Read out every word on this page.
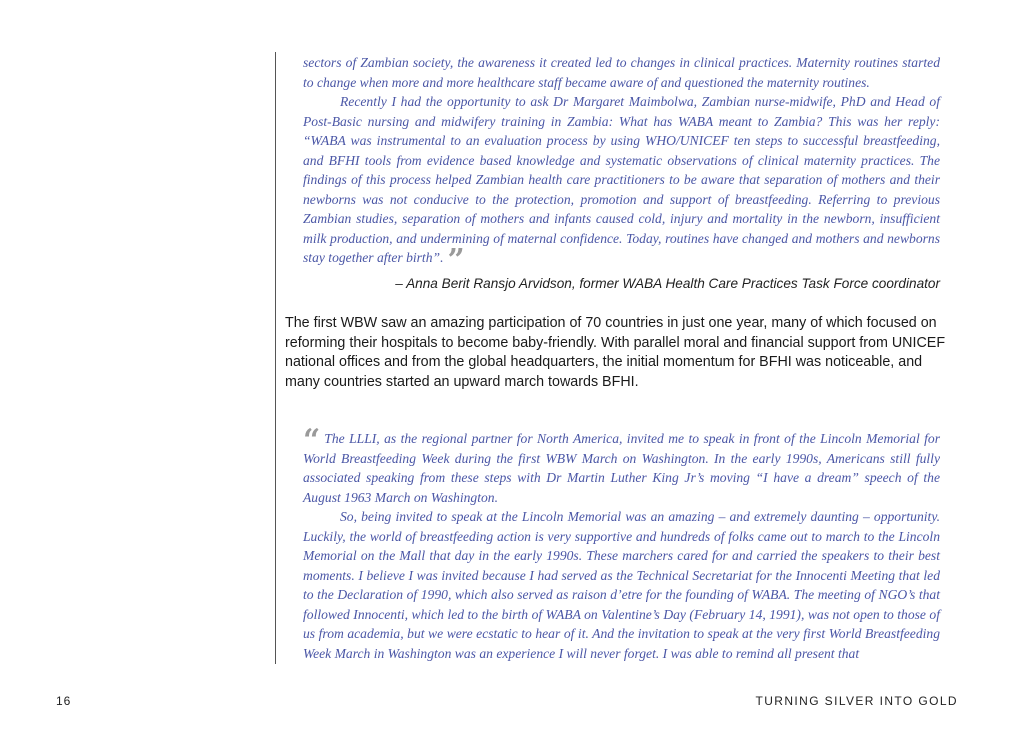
sectors of Zambian society, the awareness it created led to changes in clinical practices. Maternity routines started to change when more and more healthcare staff became aware of and questioned the maternity routines.

Recently I had the opportunity to ask Dr Margaret Maimbolwa, Zambian nurse-midwife, PhD and Head of Post-Basic nursing and midwifery training in Zambia: What has WABA meant to Zambia? This was her reply: “WABA was instrumental to an evaluation process by using WHO/UNICEF ten steps to successful breastfeeding, and BFHI tools from evidence based knowledge and systematic observations of clinical maternity practices. The findings of this process helped Zambian health care practitioners to be aware that separation of mothers and their newborns was not conducive to the protection, promotion and support of breastfeeding. Referring to previous Zambian studies, separation of mothers and infants caused cold, injury and mortality in the newborn, insufficient milk production, and undermining of maternal confidence. Today, routines have changed and mothers and newborns stay together after birth”. ”

– Anna Berit Ransjo Arvidson, former WABA Health Care Practices Task Force coordinator

The first WBW saw an amazing participation of 70 countries in just one year, many of which focused on reforming their hospitals to become baby-friendly. With parallel moral and financial support from UNICEF national offices and from the global headquarters, the initial momentum for BFHI was noticeable, and many countries started an upward march towards BFHI.

“ The LLLI, as the regional partner for North America, invited me to speak in front of the Lincoln Memorial for World Breastfeeding Week during the first WBW March on Washington. In the early 1990s, Americans still fully associated speaking from these steps with Dr Martin Luther King Jr’s moving “I have a dream” speech of the August 1963 March on Washington.

So, being invited to speak at the Lincoln Memorial was an amazing – and extremely daunting – opportunity. Luckily, the world of breastfeeding action is very supportive and hundreds of folks came out to march to the Lincoln Memorial on the Mall that day in the early 1990s. These marchers cared for and carried the speakers to their best moments. I believe I was invited because I had served as the Technical Secretariat for the Innocenti Meeting that led to the Declaration of 1990, which also served as raison d’etre for the founding of WABA. The meeting of NGO’s that followed Innocenti, which led to the birth of WABA on Valentine’s Day (February 14, 1991), was not open to those of us from academia, but we were ecstatic to hear of it. And the invitation to speak at the very first World Breastfeeding Week March in Washington was an experience I will never forget. I was able to remind all present that

16	TURNING SILVER INTO GOLD
